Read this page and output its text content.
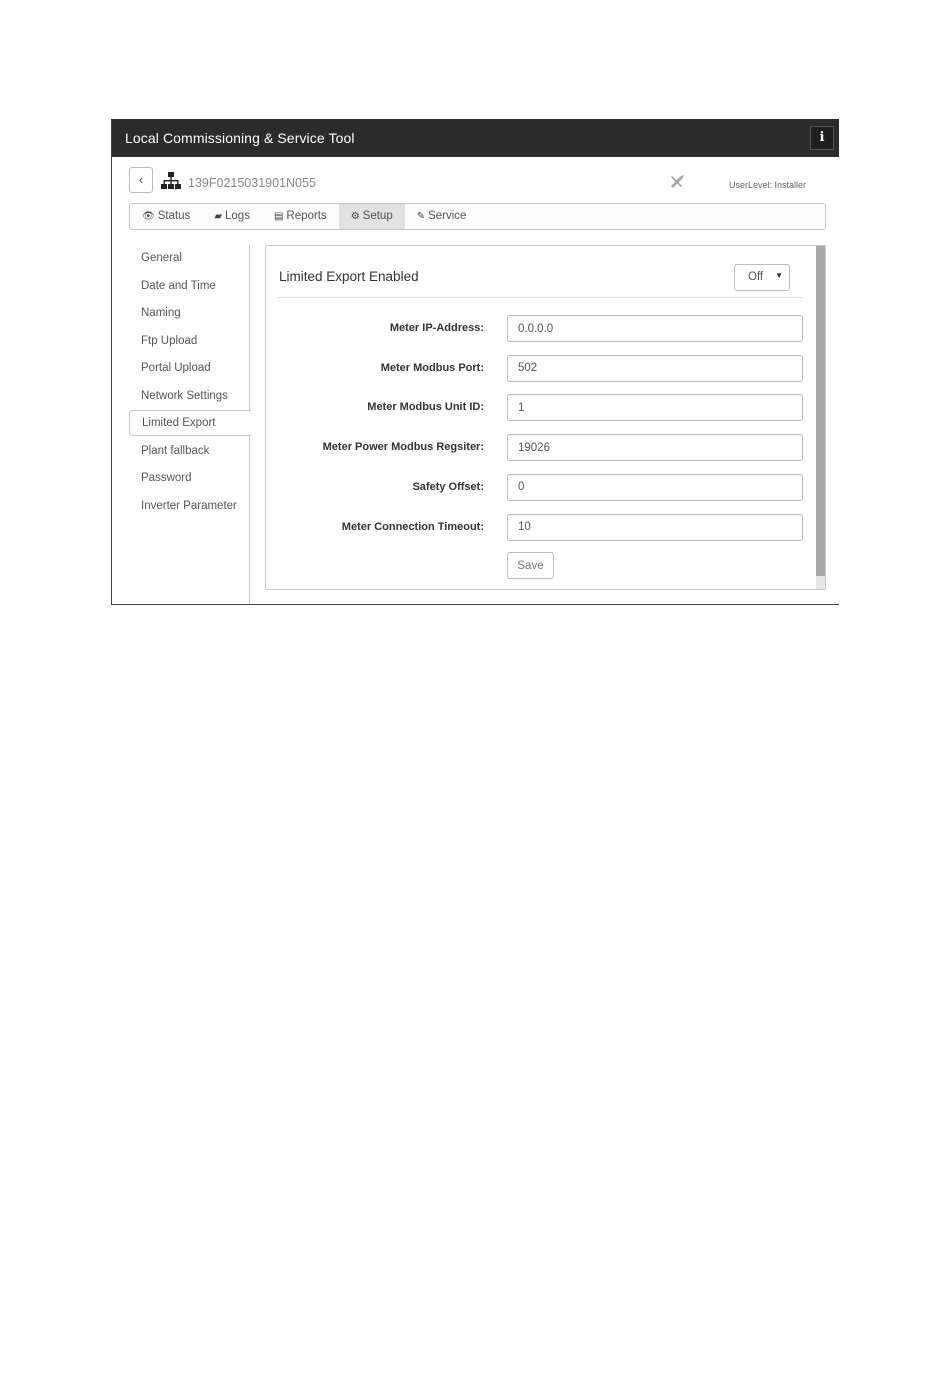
Local Commissioning & Service Tool	i
‹	139F0215031901N055	UserLevel: Installer
👁 Status ▰ Logs ▤ Reports ⚙ Setup ✎ Service
General
Date and Time
Naming
Ftp Upload
Portal Upload
Network Settings
Limited Export
Plant fallback
Password
Inverter Parameter
Limited Export Enabled	Off ▼
Meter IP-Address:
0.0.0.0
Meter Modbus Port:
502
Meter Modbus Unit ID:
1
Meter Power Modbus Regsiter:
19026
Safety Offset:
0
Meter Connection Timeout:
10
Save
